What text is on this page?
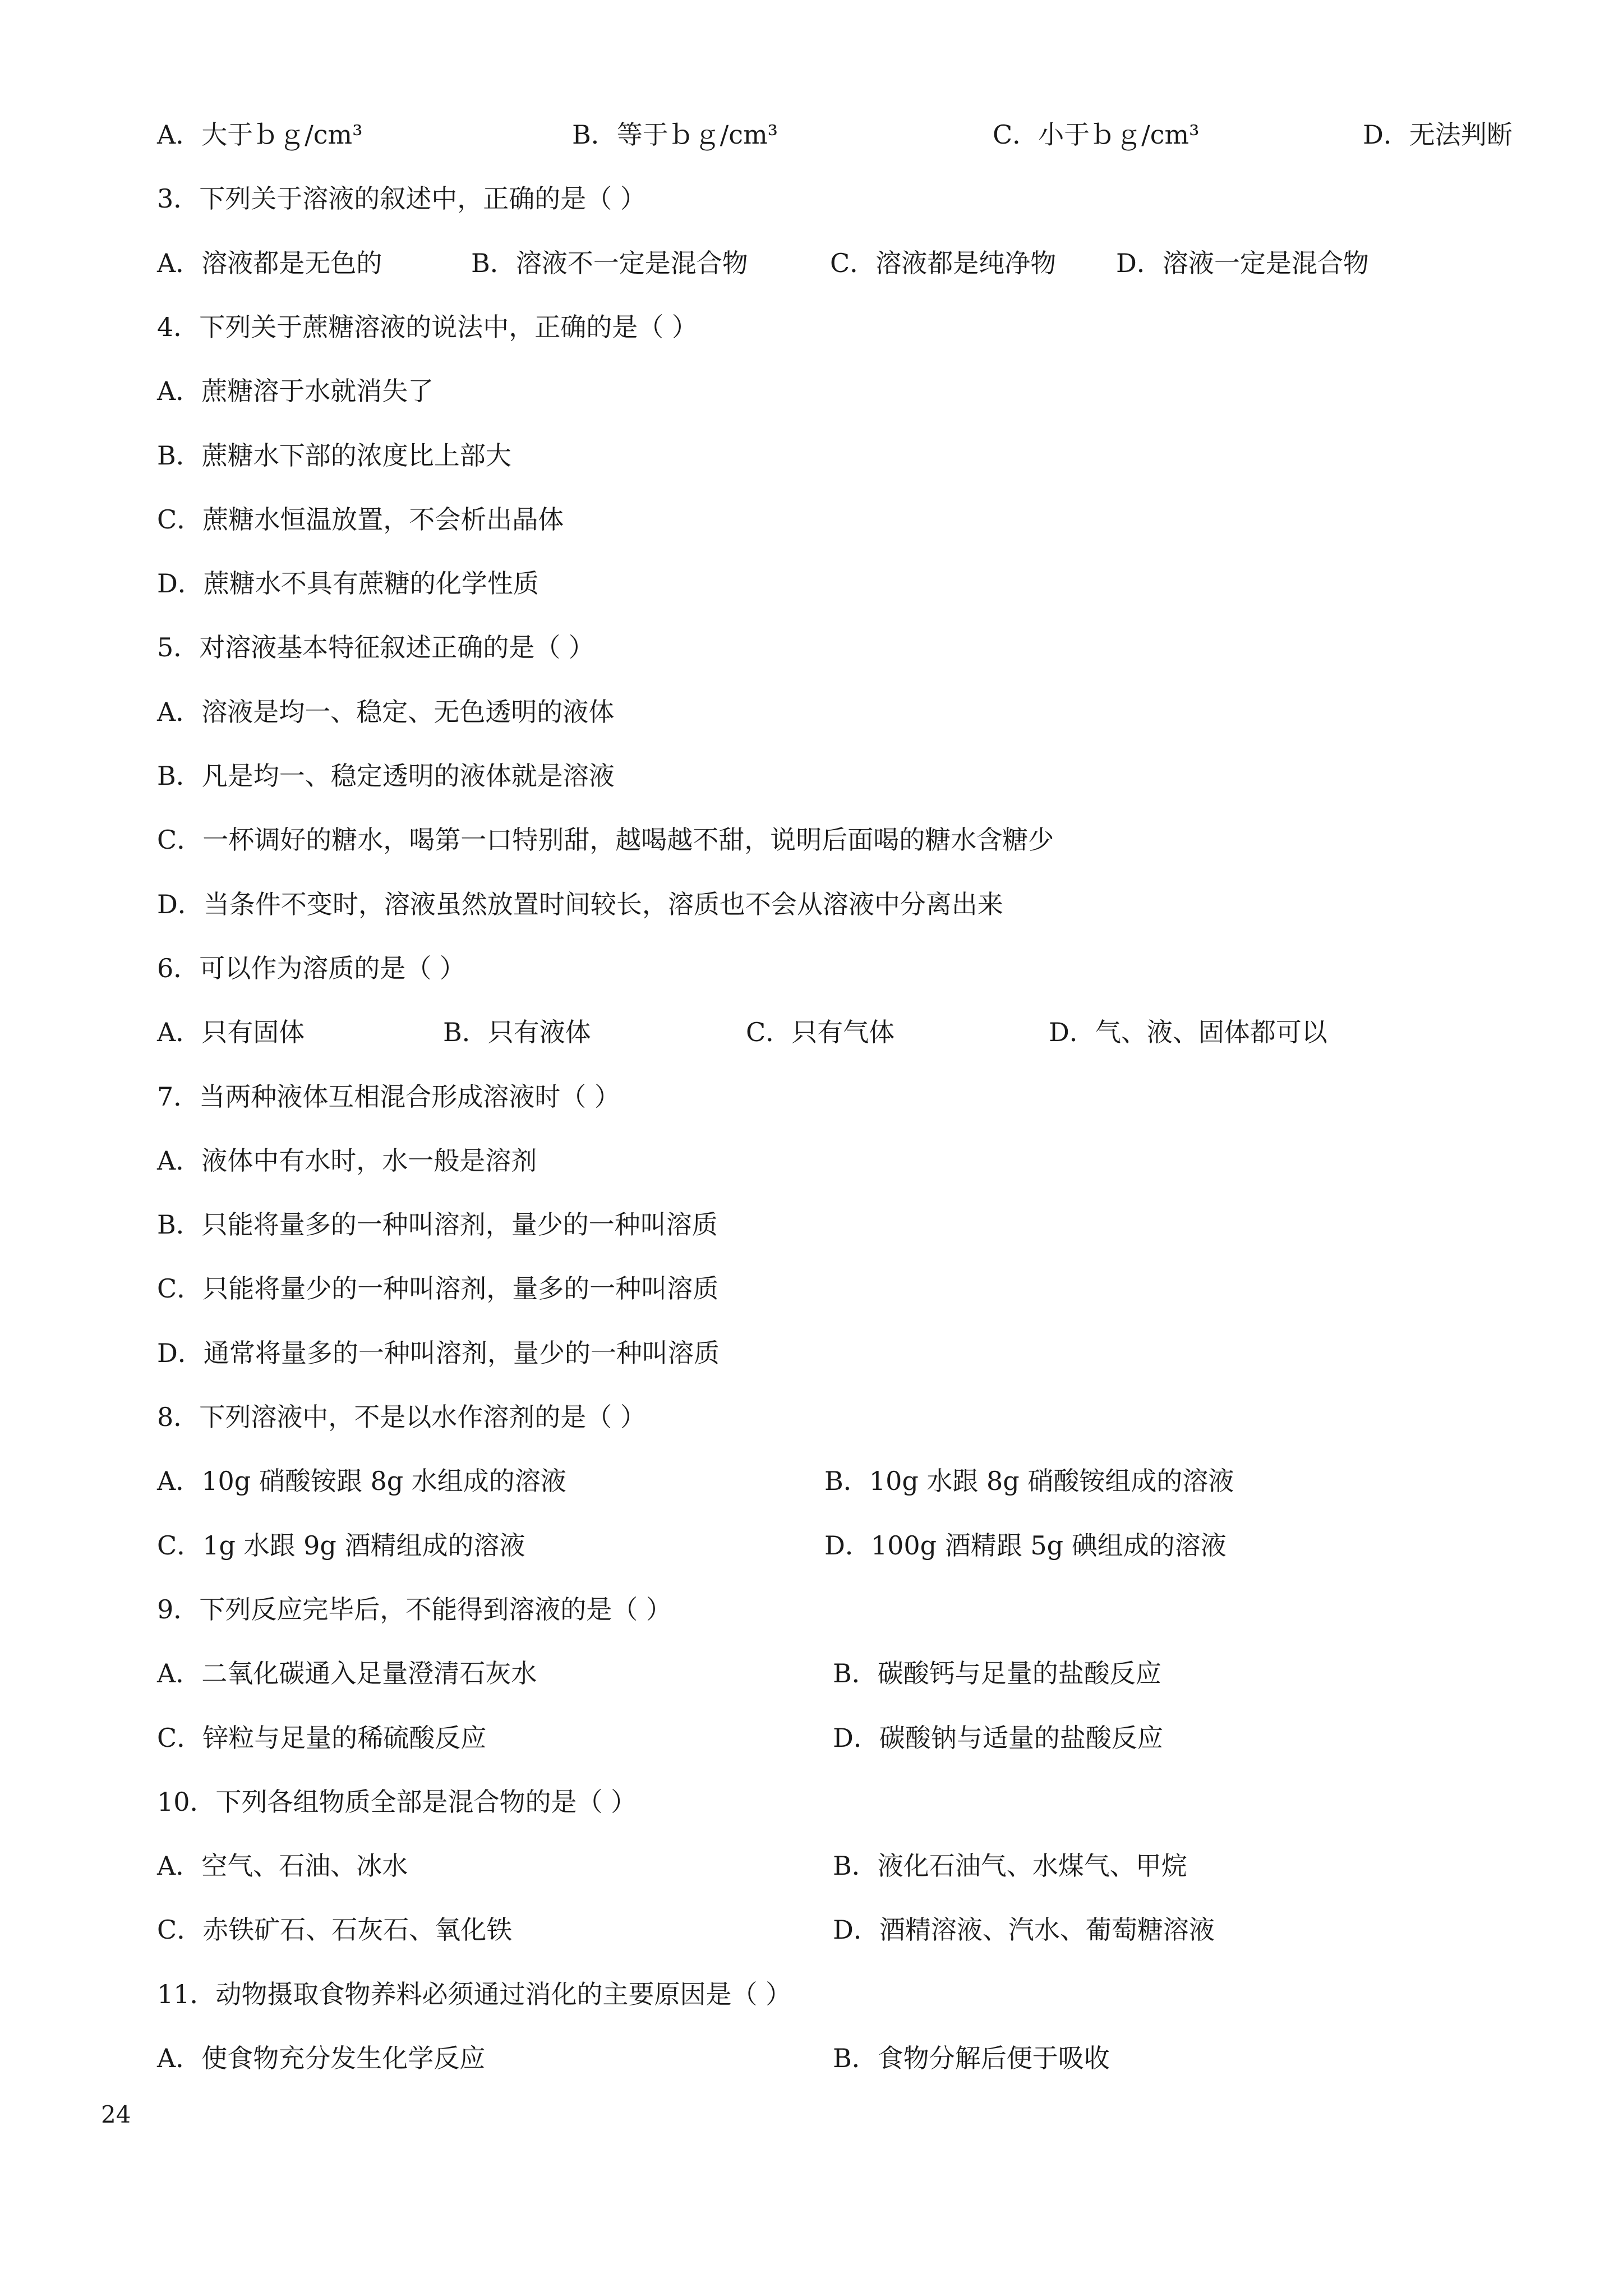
A．大于ｂｇ/cm³	B．等于ｂｇ/cm³	C．小于ｂｇ/cm³	D．无法判断
3．下列关于溶液的叙述中，正确的是（ ）
A．溶液都是无色的	B．溶液不一定是混合物	C．溶液都是纯净物 D．溶液一定是混合物
4．下列关于蔗糖溶液的说法中，正确的是（ ）
A．蔗糖溶于水就消失了
B．蔗糖水下部的浓度比上部大
C．蔗糖水恒温放置，不会析出晶体
D．蔗糖水不具有蔗糖的化学性质
5．对溶液基本特征叙述正确的是（ ）
A．溶液是均一、稳定、无色透明的液体
B．凡是均一、稳定透明的液体就是溶液
C．一杯调好的糖水，喝第一口特别甜，越喝越不甜，说明后面喝的糖水含糖少
D．当条件不变时，溶液虽然放置时间较长，溶质也不会从溶液中分离出来
6．可以作为溶质的是（ ）
A．只有固体	B．只有液体	C．只有气体	D．气、液、固体都可以
7．当两种液体互相混合形成溶液时（ ）
A．液体中有水时，水一般是溶剂
B．只能将量多的一种叫溶剂，量少的一种叫溶质
C．只能将量少的一种叫溶剂，量多的一种叫溶质
D．通常将量多的一种叫溶剂，量少的一种叫溶质
8．下列溶液中，不是以水作溶剂的是（ ）
A．10g 硝酸铵跟 8g 水组成的溶液	B．10g 水跟 8g 硝酸铵组成的溶液
C．1g 水跟 9g 酒精组成的溶液	D．100g 酒精跟 5g 碘组成的溶液
9．下列反应完毕后，不能得到溶液的是（ ）
A．二氧化碳通入足量澄清石灰水	B．碳酸钙与足量的盐酸反应
C．锌粒与足量的稀硫酸反应	D．碳酸钠与适量的盐酸反应
10．下列各组物质全部是混合物的是（ ）
A．空气、石油、冰水	B．液化石油气、水煤气、甲烷
C．赤铁矿石、石灰石、氧化铁	D．酒精溶液、汽水、葡萄糖溶液
11．动物摄取食物养料必须通过消化的主要原因是（ ）
A．使食物充分发生化学反应	B．食物分解后便于吸收
24
